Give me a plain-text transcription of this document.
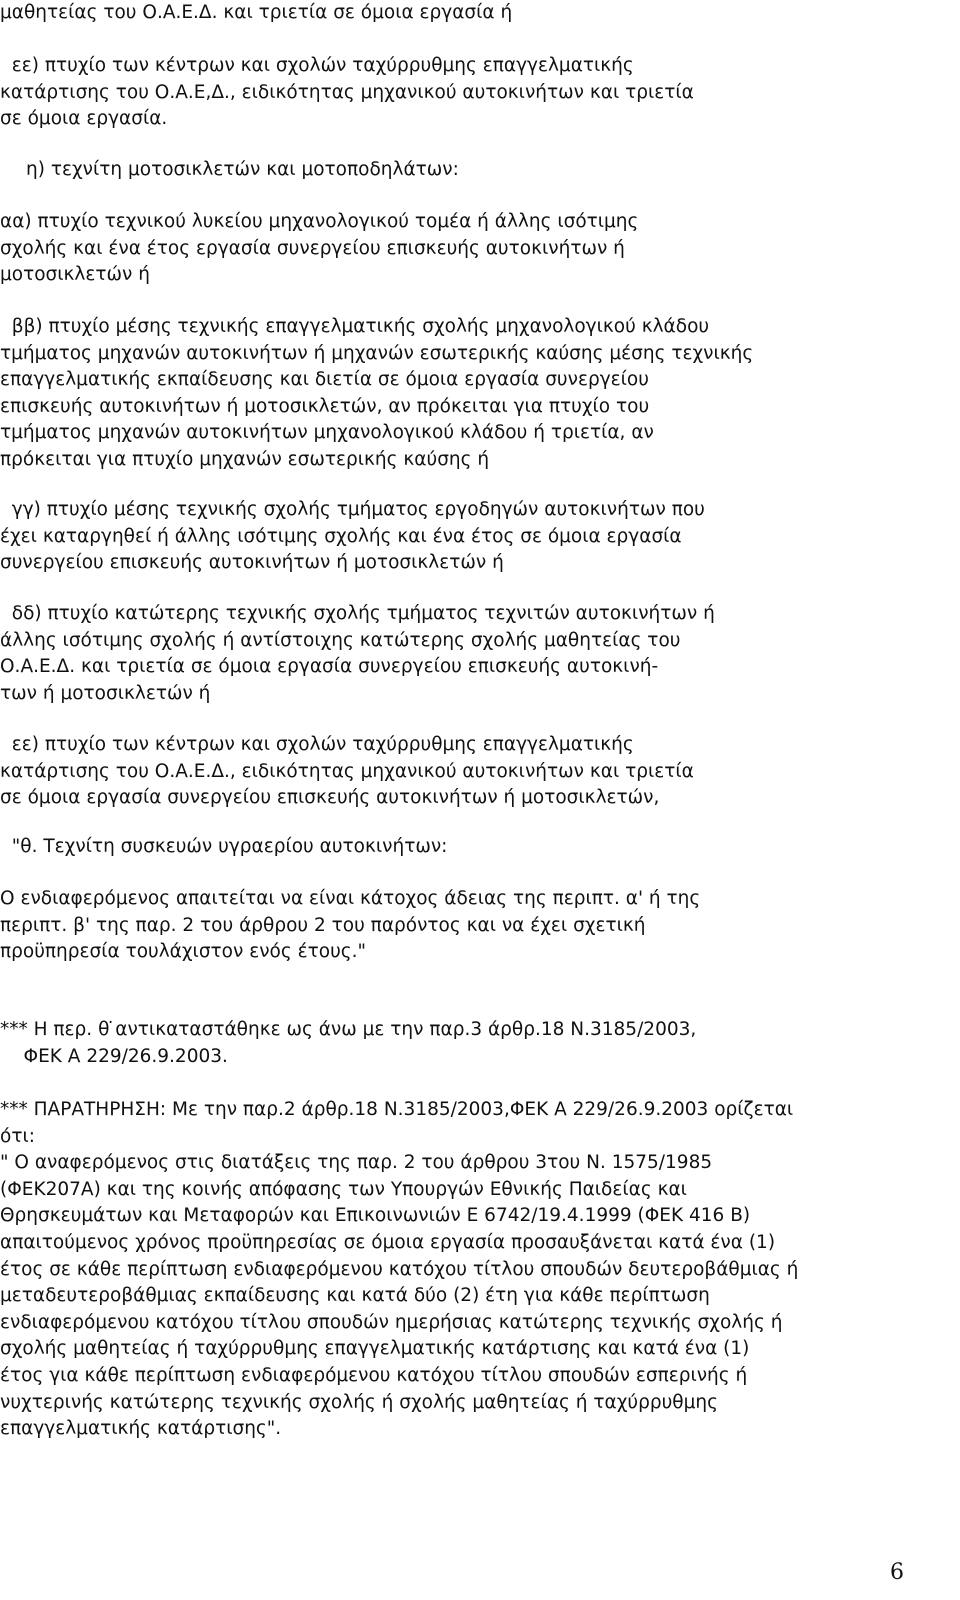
μαθητείας του Ο.Α.Ε.Δ. και τριετία σε όμοια εργασία ή
εε) πτυχίο των κέντρων και σχολών ταχύρρυθμης επαγγελματικής
κατάρτισης του Ο.Α.Ε,Δ., ειδικότητας μηχανικού αυτοκινήτων και τριετία
σε όμοια εργασία.
η) τεχνίτη μοτοσικλετών και μοτοποδηλάτων:
αα) πτυχίο τεχνικού λυκείου μηχανολογικού τομέα ή άλλης ισότιμης
σχολής και ένα έτος εργασία συνεργείου επισκευής αυτοκινήτων ή
μοτοσικλετών ή
ββ) πτυχίο μέσης τεχνικής επαγγελματικής σχολής μηχανολογικού κλάδου
τμήματος μηχανών αυτοκινήτων ή μηχανών εσωτερικής καύσης μέσης τεχνικής
επαγγελματικής εκπαίδευσης και διετία σε όμοια εργασία συνεργείου
επισκευής αυτοκινήτων ή μοτοσικλετών, αν πρόκειται για πτυχίο του
τμήματος μηχανών αυτοκινήτων μηχανολογικού κλάδου ή τριετία, αν
πρόκειται για πτυχίο μηχανών εσωτερικής καύσης ή
γγ) πτυχίο μέσης τεχνικής σχολής τμήματος εργοδηγών αυτοκινήτων που
έχει καταργηθεί ή άλλης ισότιμης σχολής και ένα έτος σε όμοια εργασία
συνεργείου επισκευής αυτοκινήτων ή μοτοσικλετών ή
δδ) πτυχίο κατώτερης τεχνικής σχολής τμήματος τεχνιτών αυτοκινήτων ή
άλλης ισότιμης σχολής ή αντίστοιχης κατώτερης σχολής μαθητείας του
Ο.Α.Ε.Δ. και τριετία σε όμοια εργασία συνεργείου επισκευής αυτοκινή-
των ή μοτοσικλετών ή
εε) πτυχίο των κέντρων και σχολών ταχύρρυθμης επαγγελματικής
κατάρτισης του Ο.Α.Ε.Δ., ειδικότητας μηχανικού αυτοκινήτων και τριετία
σε όμοια εργασία συνεργείου επισκευής αυτοκινήτων ή μοτοσικλετών,
"θ. Τεχνίτη συσκευών υγραερίου αυτοκινήτων:
Ο ενδιαφερόμενος απαιτείται να είναι κάτοχος άδειας της περιπτ. α' ή της
περιπτ. β' της παρ. 2 του άρθρου 2 του παρόντος και να έχει σχετική
προϋπηρεσία τουλάχιστον ενός έτους."
*** Η περ. θ ̇αντικαταστάθηκε ως άνω με την παρ.3 άρθρ.18 Ν.3185/2003,
ΦΕΚ Α 229/26.9.2003.
*** ΠΑΡΑΤΗΡΗΣΗ: Με την παρ.2 άρθρ.18 Ν.3185/2003,ΦΕΚ Α 229/26.9.2003 ορίζεται
ότι:
" Ο αναφερόμενος στις διατάξεις της παρ. 2 του άρθρου 3του Ν. 1575/1985
(ΦΕΚ207Α) και της κοινής απόφασης των Υπουργών Εθνικής Παιδείας και
Θρησκευμάτων και Μεταφορών και Επικοινωνιών Ε 6742/19.4.1999 (ΦΕΚ 416 Β)
απαιτούμενος χρόνος προϋπηρεσίας σε όμοια εργασία προσαυξάνεται κατά ένα (1)
έτος σε κάθε περίπτωση ενδιαφερόμενου κατόχου τίτλου σπουδών δευτεροβάθμιας ή
μεταδευτεροβάθμιας εκπαίδευσης και κατά δύο (2) έτη για κάθε περίπτωση
ενδιαφερόμενου κατόχου τίτλου σπουδών ημερήσιας κατώτερης τεχνικής σχολής ή
σχολής μαθητείας ή ταχύρρυθμης επαγγελματικής κατάρτισης και κατά ένα (1)
έτος για κάθε περίπτωση ενδιαφερόμενου κατόχου τίτλου σπουδών εσπερινής ή
νυχτερινής κατώτερης τεχνικής σχολής ή σχολής μαθητείας ή ταχύρρυθμης
επαγγελματικής κατάρτισης".
6
